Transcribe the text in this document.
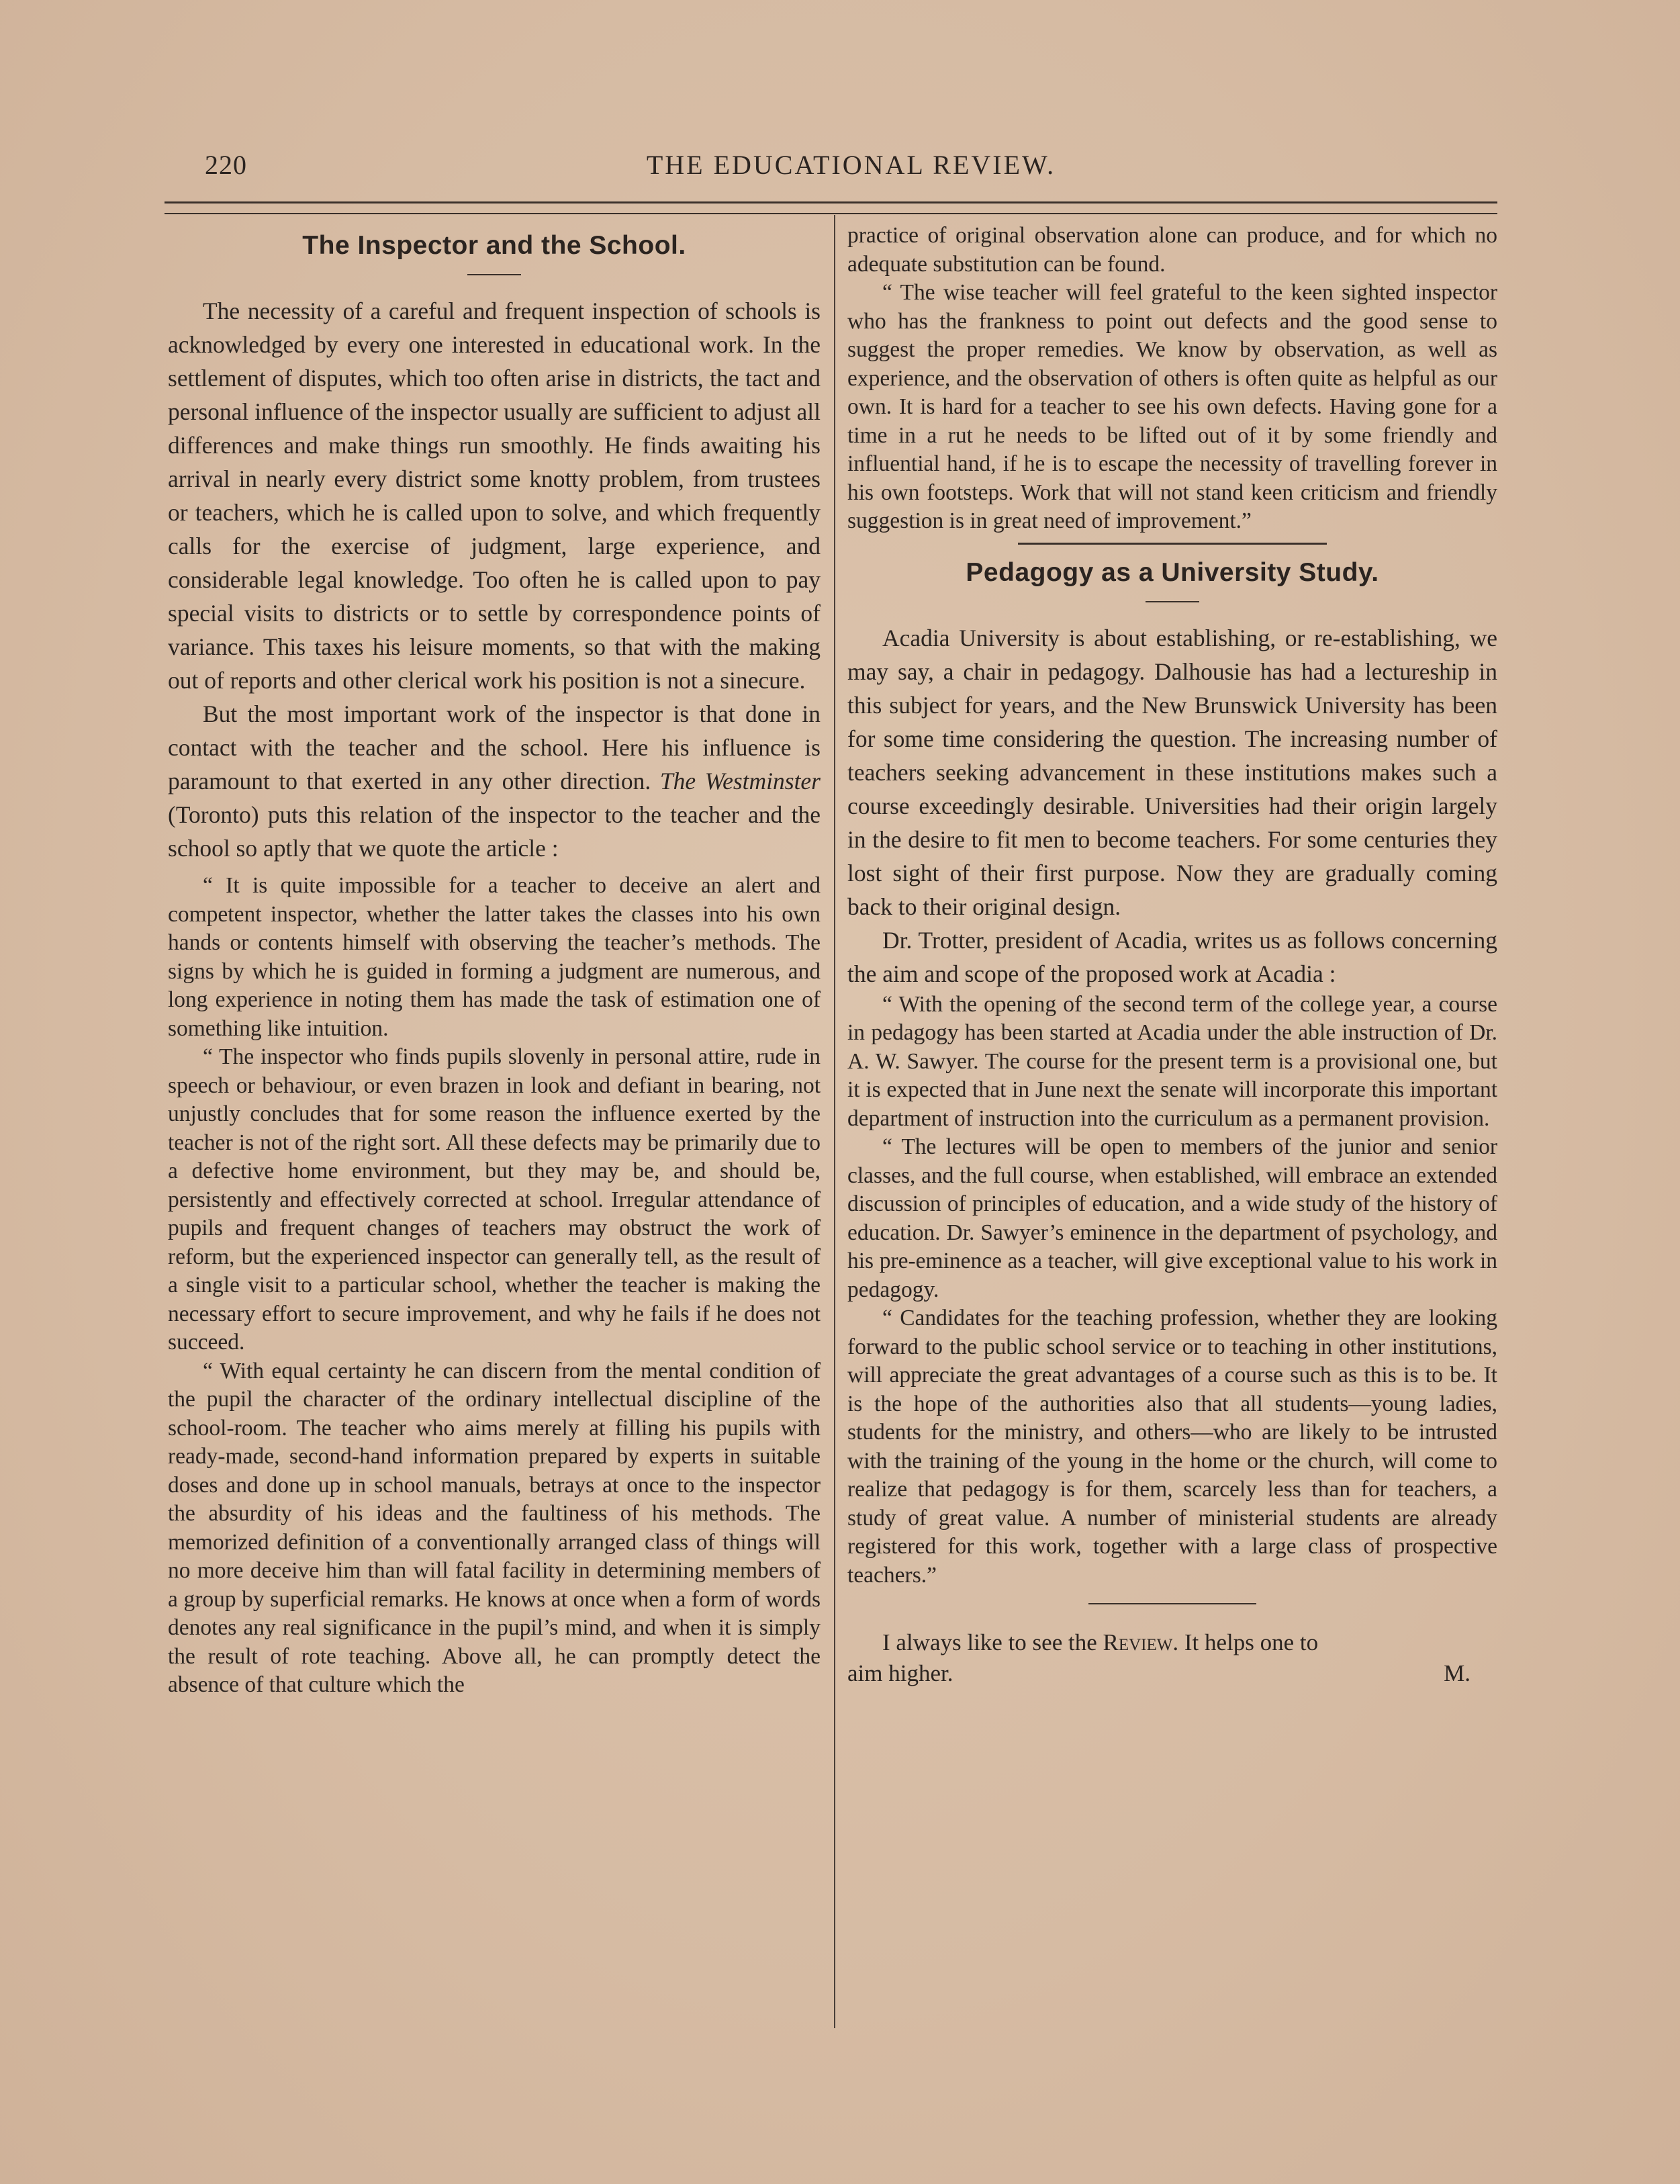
220	THE EDUCATIONAL REVIEW.
The Inspector and the School.

The necessity of a careful and frequent inspection of schools is acknowledged by every one interested in educational work. In the settlement of disputes, which too often arise in districts, the tact and personal influence of the inspector usually are sufficient to adjust all differences and make things run smoothly. He finds awaiting his arrival in nearly every district some knotty problem, from trustees or teachers, which he is called upon to solve, and which frequently calls for the exercise of judgment, large experience, and considerable legal knowledge. Too often he is called upon to pay special visits to districts or to settle by correspondence points of variance. This taxes his leisure moments, so that with the making out of reports and other clerical work his position is not a sinecure.

But the most important work of the inspector is that done in contact with the teacher and the school. Here his influence is paramount to that exerted in any other direction. The Westminster (Toronto) puts this relation of the inspector to the teacher and the school so aptly that we quote the article :

“ It is quite impossible for a teacher to deceive an alert and competent inspector, whether the latter takes the classes into his own hands or contents himself with observing the teacher’s methods. The signs by which he is guided in forming a judgment are numerous, and long experience in noting them has made the task of estimation one of something like intuition.

“ The inspector who finds pupils slovenly in personal attire, rude in speech or behaviour, or even brazen in look and defiant in bearing, not unjustly concludes that for some reason the influence exerted by the teacher is not of the right sort. All these defects may be primarily due to a defective home environment, but they may be, and should be, persistently and effectively corrected at school. Irregular attendance of pupils and frequent changes of teachers may obstruct the work of reform, but the experienced inspector can generally tell, as the result of a single visit to a particular school, whether the teacher is making the necessary effort to secure improvement, and why he fails if he does not succeed.

“ With equal certainty he can discern from the mental condition of the pupil the character of the ordinary intellectual discipline of the school-room. The teacher who aims merely at filling his pupils with ready-made, second-hand information prepared by experts in suitable doses and done up in school manuals, betrays at once to the inspector the absurdity of his ideas and the faultiness of his methods. The memorized definition of a conventionally arranged class of things will no more deceive him than will fatal facility in determining members of a group by superficial remarks. He knows at once when a form of words denotes any real significance in the pupil’s mind, and when it is simply the result of rote teaching. Above all, he can promptly detect the absence of that culture which the

practice of original observation alone can produce, and for which no adequate substitution can be found.

“ The wise teacher will feel grateful to the keen sighted inspector who has the frankness to point out defects and the good sense to suggest the proper remedies. We know by observation, as well as experience, and the observation of others is often quite as helpful as our own. It is hard for a teacher to see his own defects. Having gone for a time in a rut he needs to be lifted out of it by some friendly and influential hand, if he is to escape the necessity of travelling forever in his own footsteps. Work that will not stand keen criticism and friendly suggestion is in great need of improvement.”

Pedagogy as a University Study.

Acadia University is about establishing, or re-establishing, we may say, a chair in pedagogy. Dalhousie has had a lectureship in this subject for years, and the New Brunswick University has been for some time considering the question. The increasing number of teachers seeking advancement in these institutions makes such a course exceedingly desirable. Universities had their origin largely in the desire to fit men to become teachers. For some centuries they lost sight of their first purpose. Now they are gradually coming back to their original design.

Dr. Trotter, president of Acadia, writes us as follows concerning the aim and scope of the proposed work at Acadia :

“ With the opening of the second term of the college year, a course in pedagogy has been started at Acadia under the able instruction of Dr. A. W. Sawyer. The course for the present term is a provisional one, but it is expected that in June next the senate will incorporate this important department of instruction into the curriculum as a permanent provision.

“ The lectures will be open to members of the junior and senior classes, and the full course, when established, will embrace an extended discussion of principles of education, and a wide study of the history of education. Dr. Sawyer’s eminence in the department of psychology, and his pre-eminence as a teacher, will give exceptional value to his work in pedagogy.

“ Candidates for the teaching profession, whether they are looking forward to the public school service or to teaching in other institutions, will appreciate the great advantages of a course such as this is to be. It is the hope of the authorities also that all students—young ladies, students for the ministry, and others—who are likely to be intrusted with the training of the young in the home or the church, will come to realize that pedagogy is for them, scarcely less than for teachers, a study of great value. A number of ministerial students are already registered for this work, together with a large class of prospective teachers.”

I always like to see the Review. It helps one to

aim higher.	M.
